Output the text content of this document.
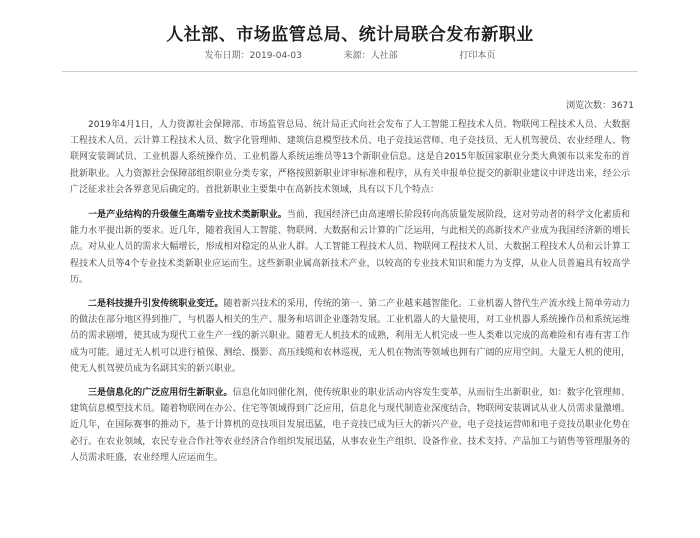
人社部、市场监管总局、统计局联合发布新职业
发布日期：2019-04-03	来源：人社部	打印本页
浏览次数：3671

2019年4月1日，人力资源社会保障部、市场监管总局、统计局正式向社会发布了人工智能工程技术人员、物联网工程技术人员、大数据工程技术人员、云计算工程技术人员、数字化管理师、建筑信息模型技术员、电子竞技运营师、电子竞技员、无人机驾驶员、农业经理人、物联网安装调试员、工业机器人系统操作员、工业机器人系统运维员等13个新职业信息。这是自2015年版国家职业分类大典颁布以来发布的首批新职业。人力资源社会保障部组织职业分类专家，严格按照新职业评审标准和程序，从有关申报单位提交的新职业建议中评选出来，经公示广泛征求社会各界意见后确定的。首批新职业主要集中在高新技术领域，具有以下几个特点：

一是产业结构的升级催生高端专业技术类新职业。当前，我国经济已由高速增长阶段转向高质量发展阶段，这对劳动者的科学文化素质和能力水平提出新的要求。近几年，随着我国人工智能、物联网、大数据和云计算的广泛运用，与此相关的高新技术产业成为我国经济新的增长点。对从业人员的需求大幅增长，形成相对稳定的从业人群。人工智能工程技术人员、物联网工程技术人员、大数据工程技术人员和云计算工程技术人员等4个专业技术类新职业应运而生。这些新职业属高新技术产业，以较高的专业技术知识和能力为支撑，从业人员普遍具有较高学历。

二是科技提升引发传统职业变迁。随着新兴技术的采用，传统的第一、第二产业越来越智能化。工业机器人替代生产流水线上简单劳动力的做法在部分地区得到推广，与机器人相关的生产、服务和培训企业蓬勃发展。工业机器人的大量使用，对工业机器人系统操作员和系统运维员的需求剧增，使其成为现代工业生产一线的新兴职业。随着无人机技术的成熟，利用无人机完成一些人类难以完成的高难险和有毒有害工作成为可能。通过无人机可以进行植保、测绘、摄影、高压线缆和农林巡视，无人机在物流等领域也拥有广阔的应用空间。大量无人机的使用，使无人机驾驶员成为名副其实的新兴职业。

三是信息化的广泛应用衍生新职业。信息化如同催化剂，使传统职业的职业活动内容发生变革，从而衍生出新职业，如：数字化管理师、建筑信息模型技术员。随着物联网在办公、住宅等领域得到广泛应用，信息化与现代制造业深度结合，物联网安装调试从业人员需求量激增。近几年，在国际赛事的推动下，基于计算机的竞技项目发展迅猛，电子竞技已成为巨大的新兴产业，电子竞技运营师和电子竞技员职业化势在必行。在农业领域，农民专业合作社等农业经济合作组织发展迅猛，从事农业生产组织、设备作业、技术支持、产品加工与销售等管理服务的人员需求旺盛，农业经理人应运而生。
